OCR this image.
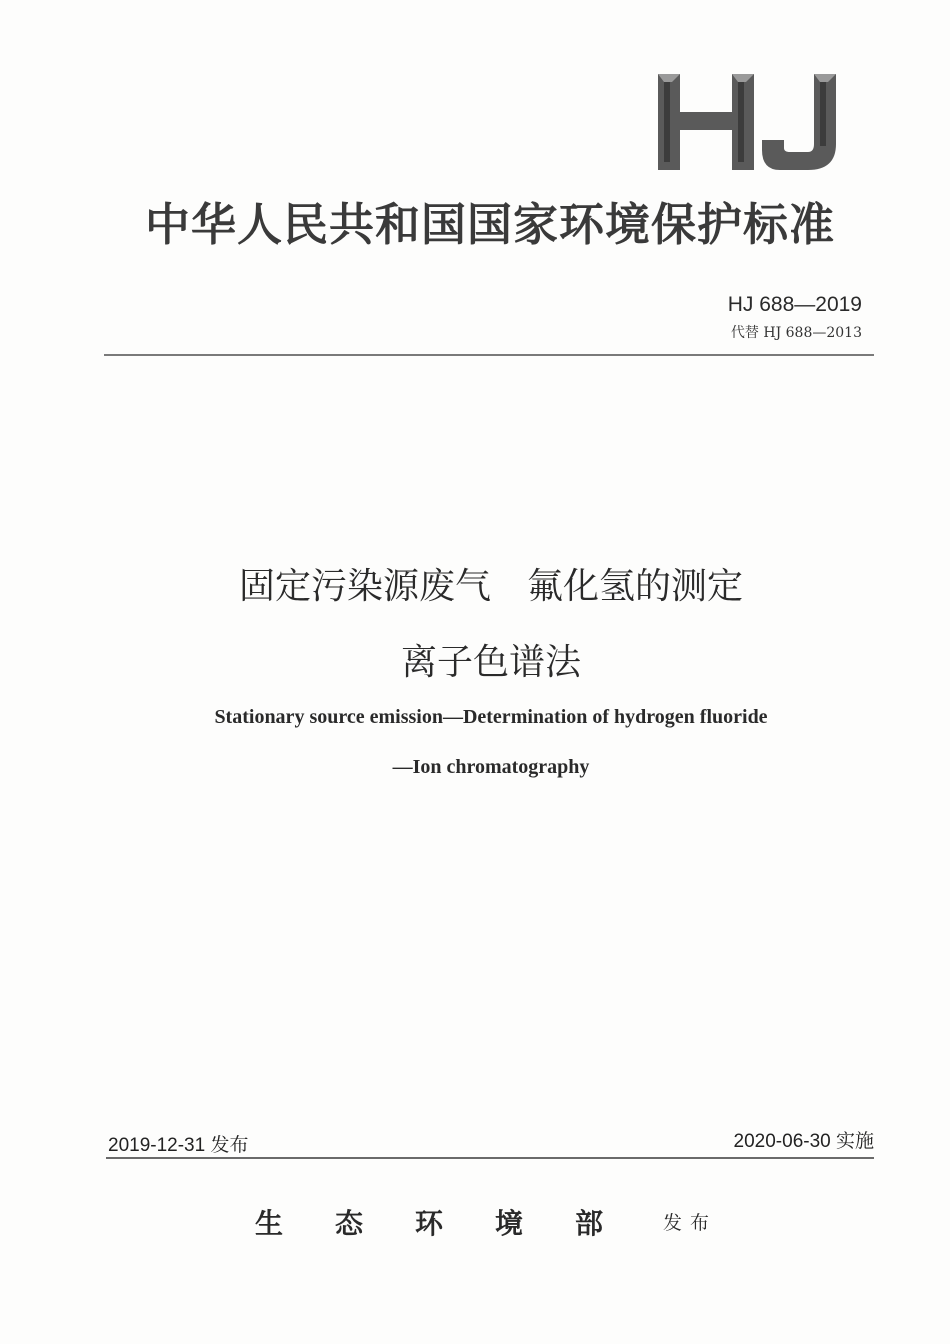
中华人民共和国国家环境保护标准
HJ 688—2019
代替 HJ 688—2013
固定污染源废气　氟化氢的测定
离子色谱法
Stationary source emission—Determination of hydrogen fluoride
—Ion chromatography
2019-12-31 发布	2020-06-30 实施
生态环境部 发布
